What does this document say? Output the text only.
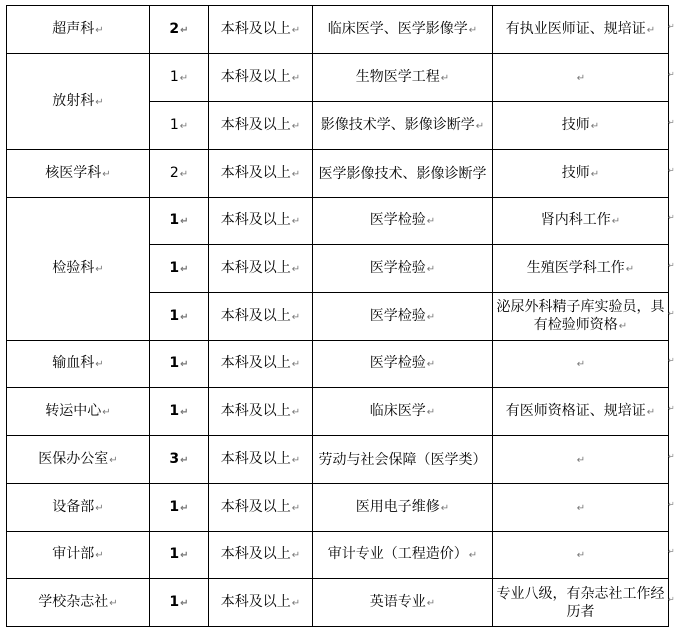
超声科 ↵	2 ↵	本科及以上 ↵	临床医学、医学影像学 ↵	有执业医师证、规培证 ↵
放射科 ↵	1 ↵	本科及以上 ↵	生物医学工程 ↵	↵
	1 ↵	本科及以上 ↵	影像技术学、影像诊断学 ↵	技师 ↵
核医学科 ↵	2 ↵	本科及以上 ↵	医学影像技术、影像诊断学	技师 ↵
检验科 ↵	1 ↵	本科及以上 ↵	医学检验 ↵	肾内科工作 ↵
	1 ↵	本科及以上 ↵	医学检验 ↵	生殖医学科工作 ↵
	1 ↵	本科及以上 ↵	医学检验 ↵	泌尿外科精子库实验员，具有检验师资格 ↵
输血科 ↵	1 ↵	本科及以上 ↵	医学检验 ↵	↵
转运中心 ↵	1 ↵	本科及以上 ↵	临床医学 ↵	有医师资格证、规培证 ↵
医保办公室 ↵	3 ↵	本科及以上 ↵	劳动与社会保障（医学类）	↵
设备部 ↵	1 ↵	本科及以上 ↵	医用电子维修 ↵	↵
审计部 ↵	1 ↵	本科及以上 ↵	审计专业（工程造价） ↵	↵
学校杂志社 ↵	1 ↵	本科及以上 ↵	英语专业 ↵	专业八级，有杂志社工作经历者
↵
↵
↵
↵
↵
↵
↵
↵
↵
↵
↵
↵
↵
